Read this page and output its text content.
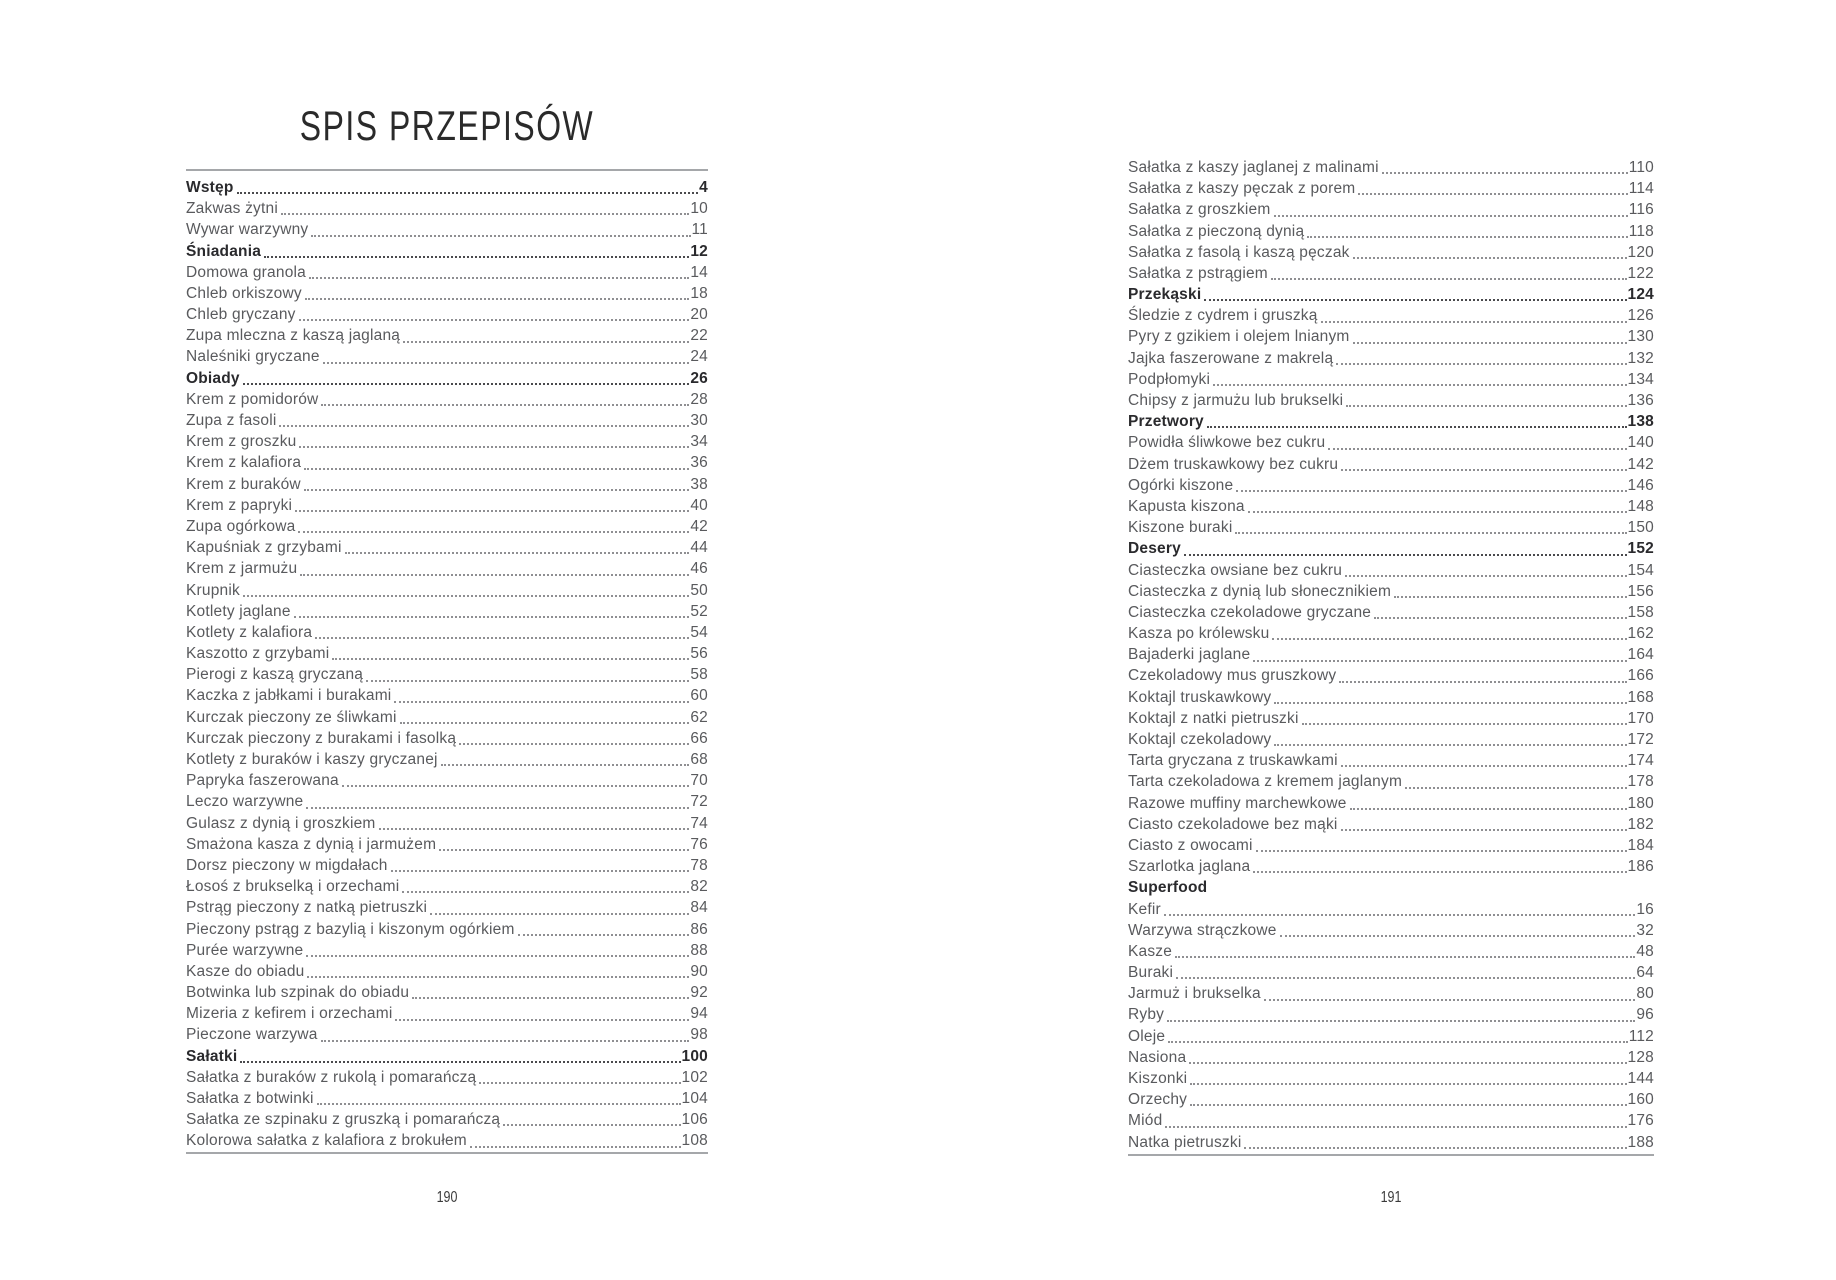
SPIS PRZEPISÓW
Wstęp	4
Zakwas żytni	10
Wywar warzywny	11
Śniadania	12
Domowa granola	14
Chleb orkiszowy	18
Chleb gryczany	20
Zupa mleczna z kaszą jaglaną	22
Naleśniki gryczane	24
Obiady	26
Krem z pomidorów	28
Zupa z fasoli	30
Krem z groszku	34
Krem z kalafiora	36
Krem z buraków	38
Krem z papryki	40
Zupa ogórkowa	42
Kapuśniak z grzybami	44
Krem z jarmużu	46
Krupnik	50
Kotlety jaglane	52
Kotlety z kalafiora	54
Kaszotto z grzybami	56
Pierogi z kaszą gryczaną	58
Kaczka z jabłkami i burakami	60
Kurczak pieczony ze śliwkami	62
Kurczak pieczony z burakami i fasolką	66
Kotlety z buraków i kaszy gryczanej	68
Papryka faszerowana	70
Leczo warzywne	72
Gulasz z dynią i groszkiem	74
Smażona kasza z dynią i jarmużem	76
Dorsz pieczony w migdałach	78
Łosoś z brukselką i orzechami	82
Pstrąg pieczony z natką pietruszki	84
Pieczony pstrąg z bazylią i kiszonym ogórkiem	86
Purée warzywne	88
Kasze do obiadu	90
Botwinka lub szpinak do obiadu	92
Mizeria z kefirem i orzechami	94
Pieczone warzywa	98
Sałatki	100
Sałatka z buraków z rukolą i pomarańczą	102
Sałatka z botwinki	104
Sałatka ze szpinaku z gruszką i pomarańczą	106
Kolorowa sałatka z kalafiora z brokułem	108
190
Sałatka z kaszy jaglanej z malinami	110
Sałatka z kaszy pęczak z porem	114
Sałatka z groszkiem	116
Sałatka z pieczoną dynią	118
Sałatka z fasolą i kaszą pęczak	120
Sałatka z pstrągiem	122
Przekąski	124
Śledzie z cydrem i gruszką	126
Pyry z gzikiem i olejem lnianym	130
Jajka faszerowane z makrelą	132
Podpłomyki	134
Chipsy z jarmużu lub brukselki	136
Przetwory	138
Powidła śliwkowe bez cukru	140
Dżem truskawkowy bez cukru	142
Ogórki kiszone	146
Kapusta kiszona	148
Kiszone buraki	150
Desery	152
Ciasteczka owsiane bez cukru	154
Ciasteczka z dynią lub słonecznikiem	156
Ciasteczka czekoladowe gryczane	158
Kasza po królewsku	162
Bajaderki jaglane	164
Czekoladowy mus gruszkowy	166
Koktajl truskawkowy	168
Koktajl z natki pietruszki	170
Koktajl czekoladowy	172
Tarta gryczana z truskawkami	174
Tarta czekoladowa z kremem jaglanym	178
Razowe muffiny marchewkowe	180
Ciasto czekoladowe bez mąki	182
Ciasto z owocami	184
Szarlotka jaglana	186
Superfood
Kefir	16
Warzywa strączkowe	32
Kasze	48
Buraki	64
Jarmuż i brukselka	80
Ryby	96
Oleje	112
Nasiona	128
Kiszonki	144
Orzechy	160
Miód	176
Natka pietruszki	188
191
